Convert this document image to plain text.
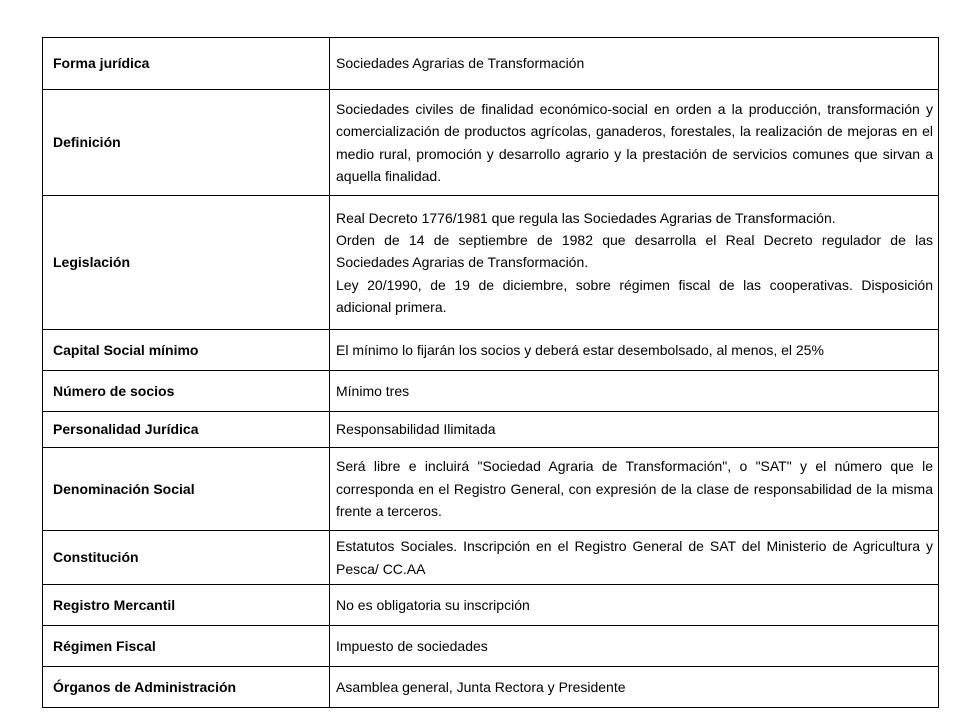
Forma jurídica	Sociedades Agrarias de Transformación

Definición	Sociedades civiles de finalidad económico-social en orden a la producción, transformación y comercialización de productos agrícolas, ganaderos, forestales, la realización de mejoras en el medio rural, promoción y desarrollo agrario y la prestación de servicios comunes que sirvan a aquella finalidad.

Legislación	Real Decreto 1776/1981 que regula las Sociedades Agrarias de Transformación.

Orden de 14 de septiembre de 1982 que desarrolla el Real Decreto regulador de las Sociedades Agrarias de Transformación.

Ley 20/1990, de 19 de diciembre, sobre régimen fiscal de las cooperativas. Disposición adicional primera.

Capital Social mínimo	El mínimo lo fijarán los socios y deberá estar desembolsado, al menos, el 25%

Número de socios	Mínimo tres

Personalidad Jurídica	Responsabilidad Ilimitada

Denominación Social	Será libre e incluirá "Sociedad Agraria de Transformación", o "SAT" y el número que le corresponda en el Registro General, con expresión de la clase de responsabilidad de la misma frente a terceros.

Constitución	Estatutos Sociales. Inscripción en el Registro General de SAT del Ministerio de Agricultura y Pesca/ CC.AA

Registro Mercantil	No es obligatoria su inscripción

Régimen Fiscal	Impuesto de sociedades

Órganos de Administración	Asamblea general, Junta Rectora y Presidente
